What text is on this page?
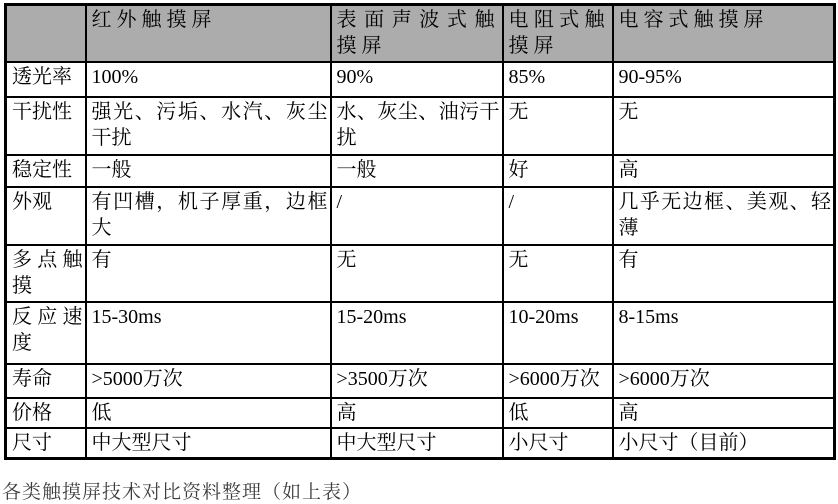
	红外触摸屏	表面声波式触摸屏	电阻式触摸屏	电容式触摸屏
透光率	100%	90%	85%	90-95%
干扰性	强光、污垢、水汽、灰尘干扰	水、灰尘、油污干扰	无	无
稳定性	一般	一般	好	高
外观	有凹槽，机子厚重，边框大	/	/	几乎无边框、美观、轻薄
多点触摸	有	无	无	有
反应速度	15-30ms	15-20ms	10-20ms	8-15ms
寿命	>5000万次	>3500万次	>6000万次	>6000万次
价格	低	高	低	高
尺寸	中大型尺寸	中大型尺寸	小尺寸	小尺寸（目前）
各类触摸屏技术对比资料整理（如上表）
